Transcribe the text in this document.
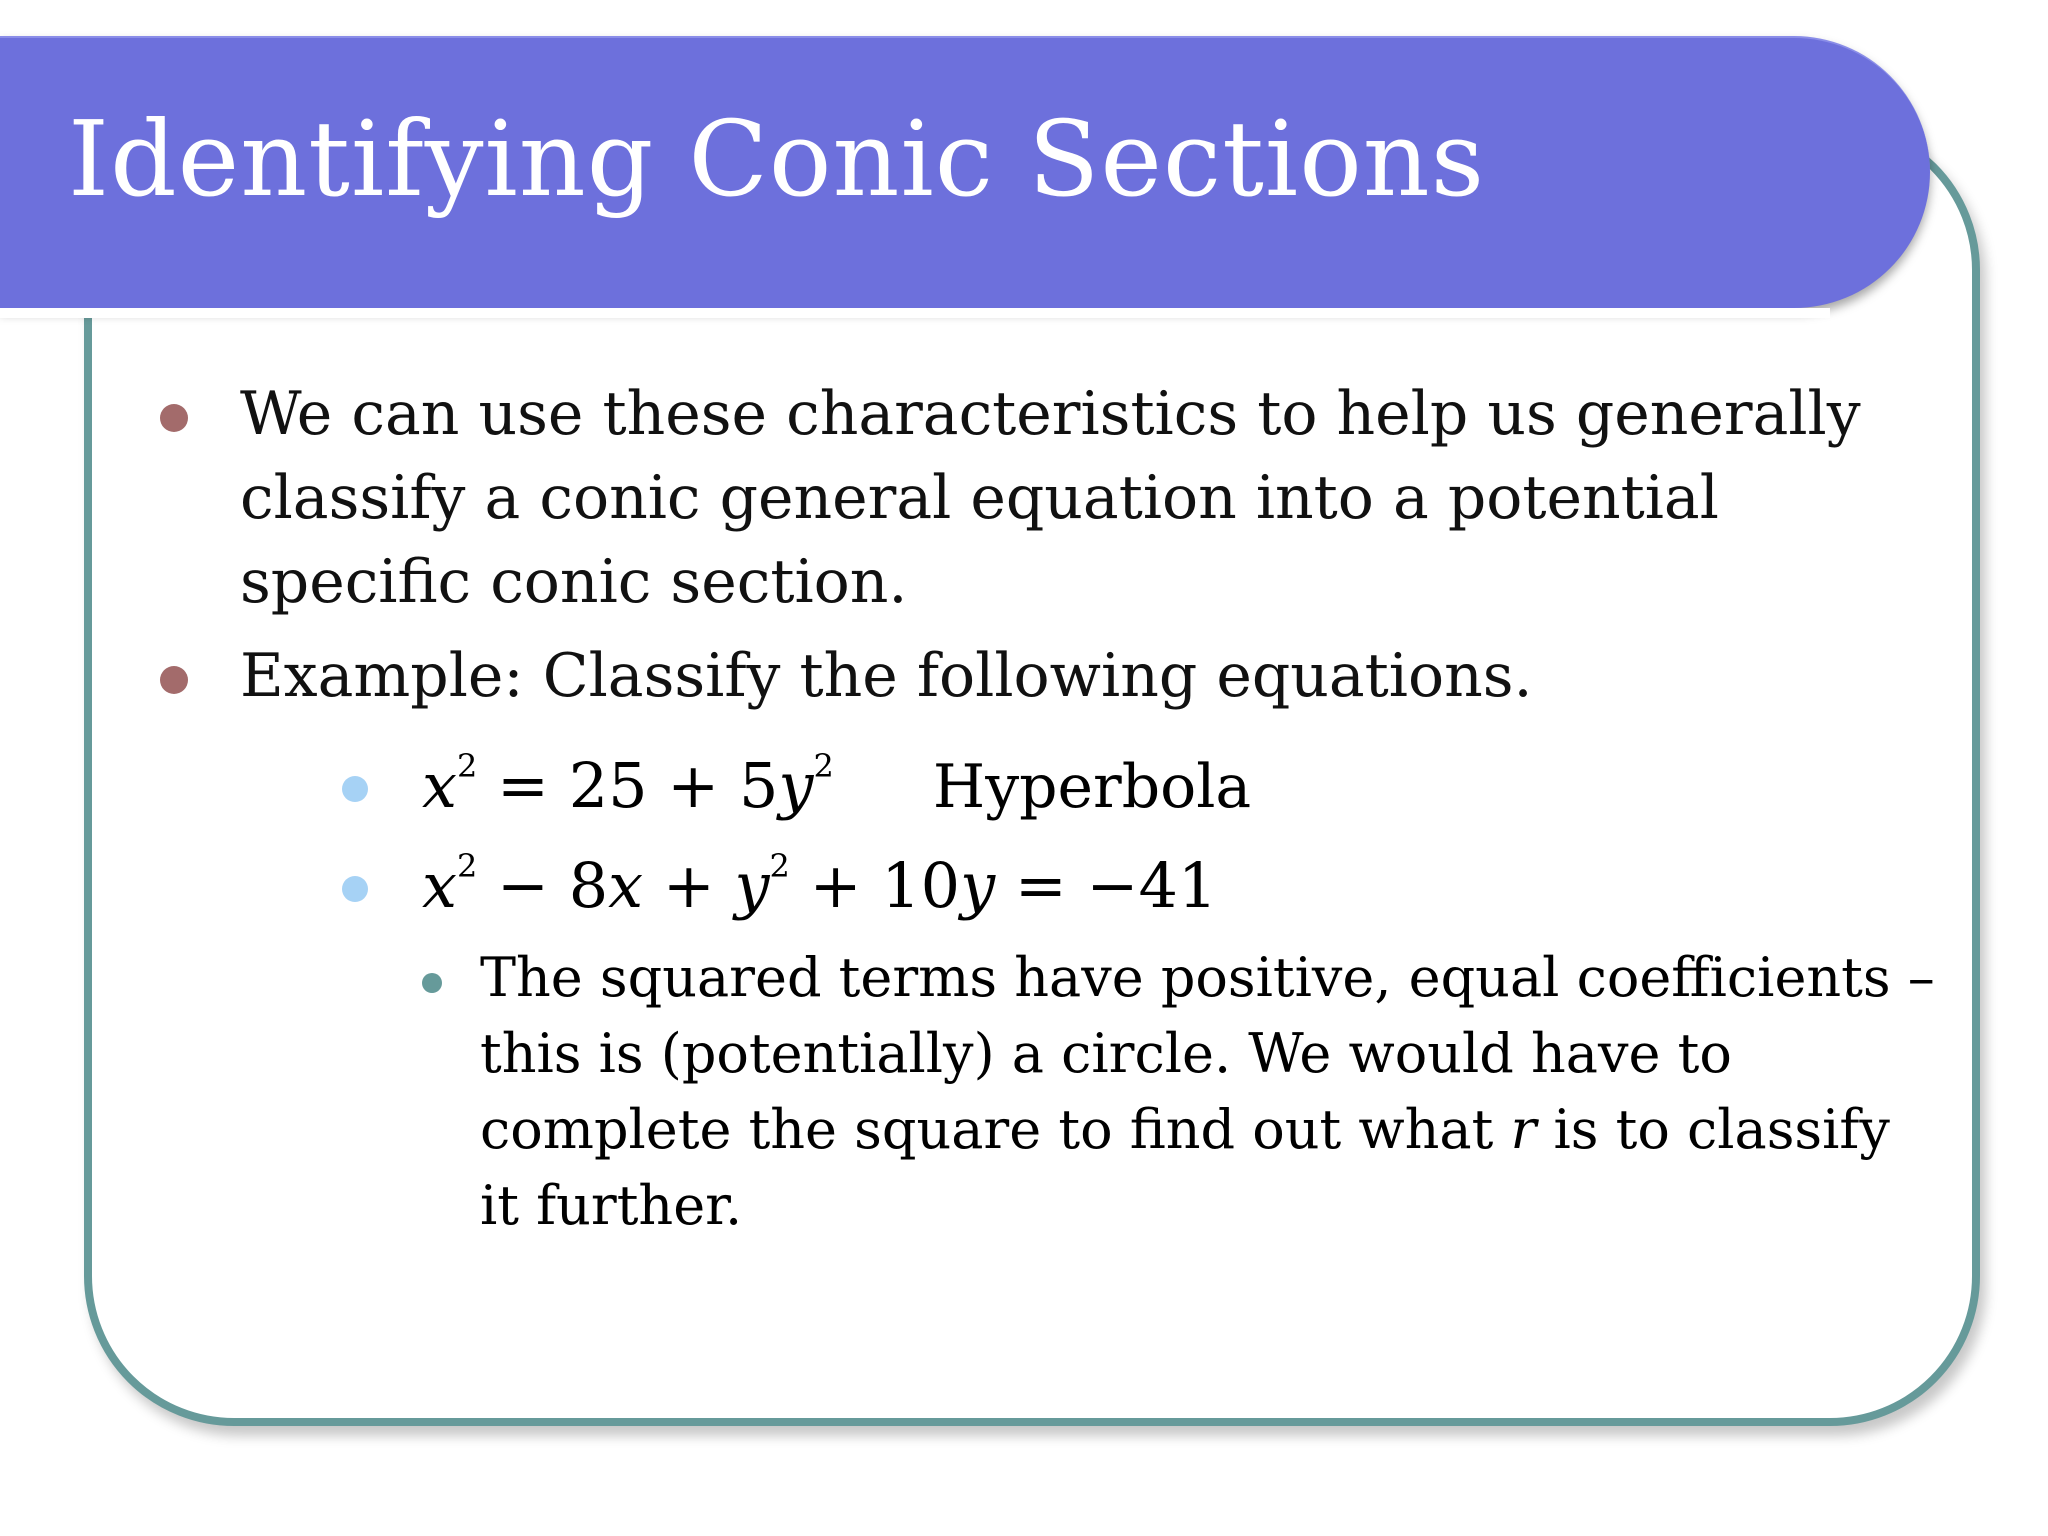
Identifying Conic Sections
We can use these characteristics to help us generally classify a conic general equation into a potential specific conic section.
Example: Classify the following equations.
$x^2 = 25 + 5y^2$ Hyperbola
$x^2 - 8x + y^2 + 10y = -41$
The squared terms have positive, equal coefficients – this is (potentially) a circle. We would have to complete the square to find out what r is to classify it further.
